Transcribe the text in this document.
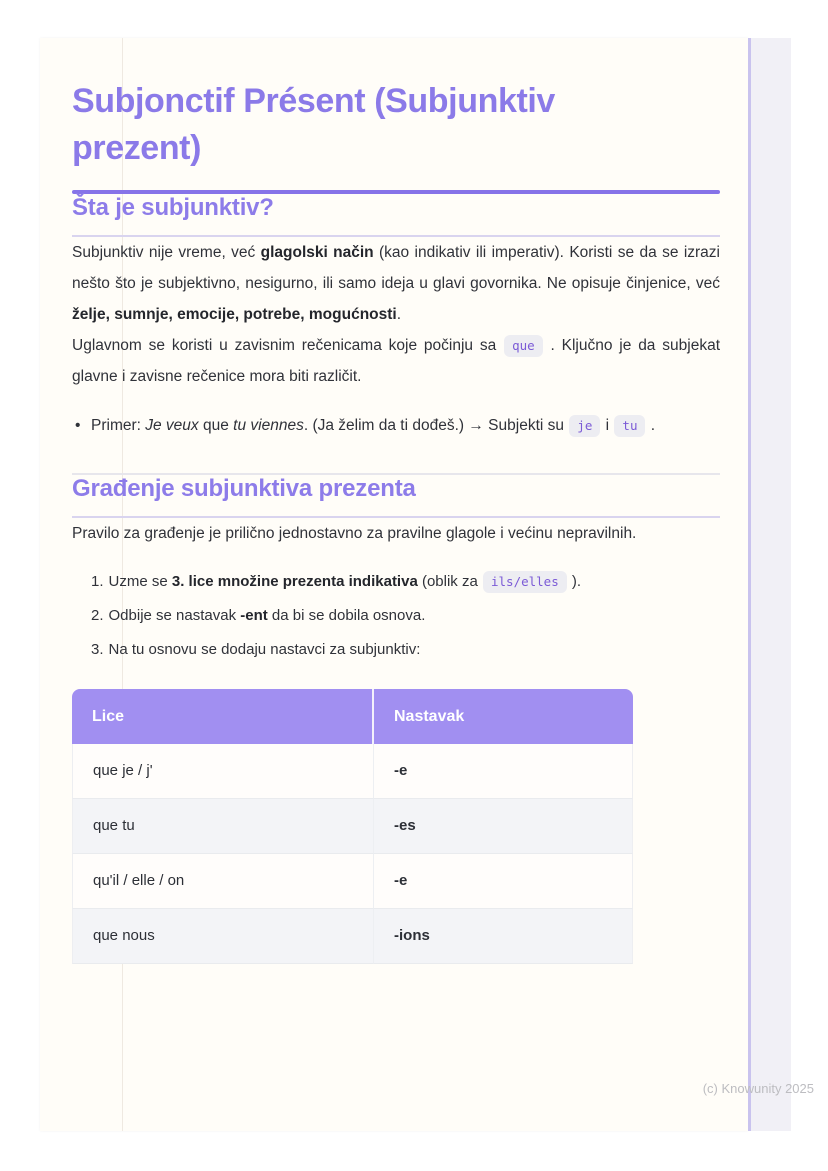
Subjonctif Présent (Subjunktiv prezent)
Šta je subjunktiv?

Subjunktiv nije vreme, već glagolski način (kao indikativ ili imperativ). Koristi se da se izrazi nešto što je subjektivno, nesigurno, ili samo ideja u glavi govornika. Ne opisuje činjenice, već želje, sumnje, emocije, potrebe, mogućnosti.

Uglavnom se koristi u zavisnim rečenicama koje počinju sa que . Ključno je da subjekat glavne i zavisne rečenice mora biti različit.

• Primer: Je veux que tu viennes. (Ja želim da ti dođeš.) → Subjekti su je i tu .
Građenje subjunktiva prezenta

Pravilo za građenje je prilično jednostavno za pravilne glagole i većinu nepravilnih.

1. Uzme se 3. lice množine prezenta indikativa (oblik za ils/elles ).
2. Odbije se nastavak -ent da bi se dobila osnova.
3. Na tu osnovu se dodaju nastavci za subjunktiv:
Lice	Nastavak
que je / j'	-e
que tu	-es
qu'il / elle / on	-e
que nous	-ions
(c) Knowunity 2025
